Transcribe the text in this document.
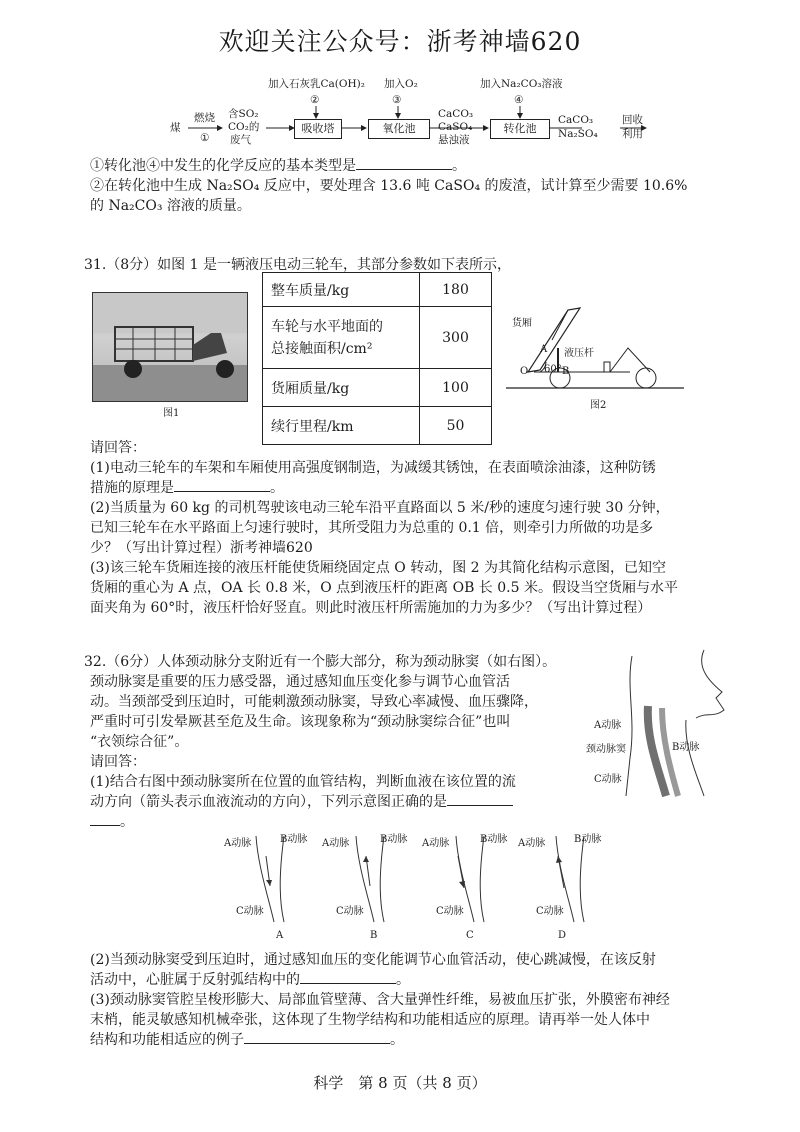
欢迎关注公众号：浙考神墙620
煤
燃烧
①
含SO₂
CO₂的
废气
加入石灰乳Ca(OH)₂
②
吸收塔
加入O₂
③
氧化池
CaCO₃
CaSO₄
悬浊液
加入Na₂CO₃溶液
④
转化池
CaCO₃
Na₂SO₄
回收
利用
①转化池④中发生的化学反应的基本类型是	。
②在转化池中生成 Na₂SO₄ 反应中，要处理含 13.6 吨 CaSO₄ 的废渣，试计算至少需要 10.6%
的 Na₂CO₃ 溶液的质量。
31.（8分）如图 1 是一辆液压电动三轮车，其部分参数如下表所示，
图1
整车质量/kg	180

车轮与水平地面的
总接触面积/cm²	300
货厢质量/kg	100
续行里程/km	50
货厢
A
O 60° B
液压杆
图2
请回答：
(1)电动三轮车的车架和车厢使用高强度钢制造，为减缓其锈蚀，在表面喷涂油漆，这种防锈
措施的原理是	。
(2)当质量为 60 kg 的司机驾驶该电动三轮车沿平直路面以 5 米/秒的速度匀速行驶 30 分钟，
已知三轮车在水平路面上匀速行驶时，其所受阻力为总重的 0.1 倍，则牵引力所做的功是多
少？（写出计算过程）浙考神墙620
(3)该三轮车货厢连接的液压杆能使货厢绕固定点 O 转动，图 2 为其简化结构示意图，已知空
货厢的重心为 A 点，OA 长 0.8 米，O 点到液压杆的距离 OB 长 0.5 米。假设当空货厢与水平
面夹角为 60°时，液压杆恰好竖直。则此时液压杆所需施加的力为多少？（写出计算过程）
32.（6分）人体颈动脉分支附近有一个膨大部分，称为颈动脉窦（如右图）。
颈动脉窦是重要的压力感受器，通过感知血压变化参与调节心血管活
动。当颈部受到压迫时，可能刺激颈动脉窦，导致心率减慢、血压骤降，
严重时可引发晕厥甚至危及生命。该现象称为“颈动脉窦综合征”也叫
“衣领综合征”。
请回答：
(1)结合右图中颈动脉窦所在位置的血管结构，判断血液在该位置的流
动方向（箭头表示血液流动的方向），下列示意图正确的是
。
A动脉
颈动脉窦	B动脉
C动脉
A动脉	B动脉
C动脉
A
A动脉	B动脉
C动脉
B
A动脉	B动脉
C动脉
C
A动脉	B动脉
C动脉
D
(2)当颈动脉窦受到压迫时，通过感知血压的变化能调节心血管活动，使心跳减慢，在该反射
活动中，心脏属于反射弧结构中的	。
(3)颈动脉窦管腔呈梭形膨大、局部血管壁薄、含大量弹性纤维，易被血压扩张，外膜密布神经
末梢，能灵敏感知机械牵张，这体现了生物学结构和功能相适应的原理。请再举一处人体中
结构和功能相适应的例子	。
科学　第 8 页（共 8 页）
